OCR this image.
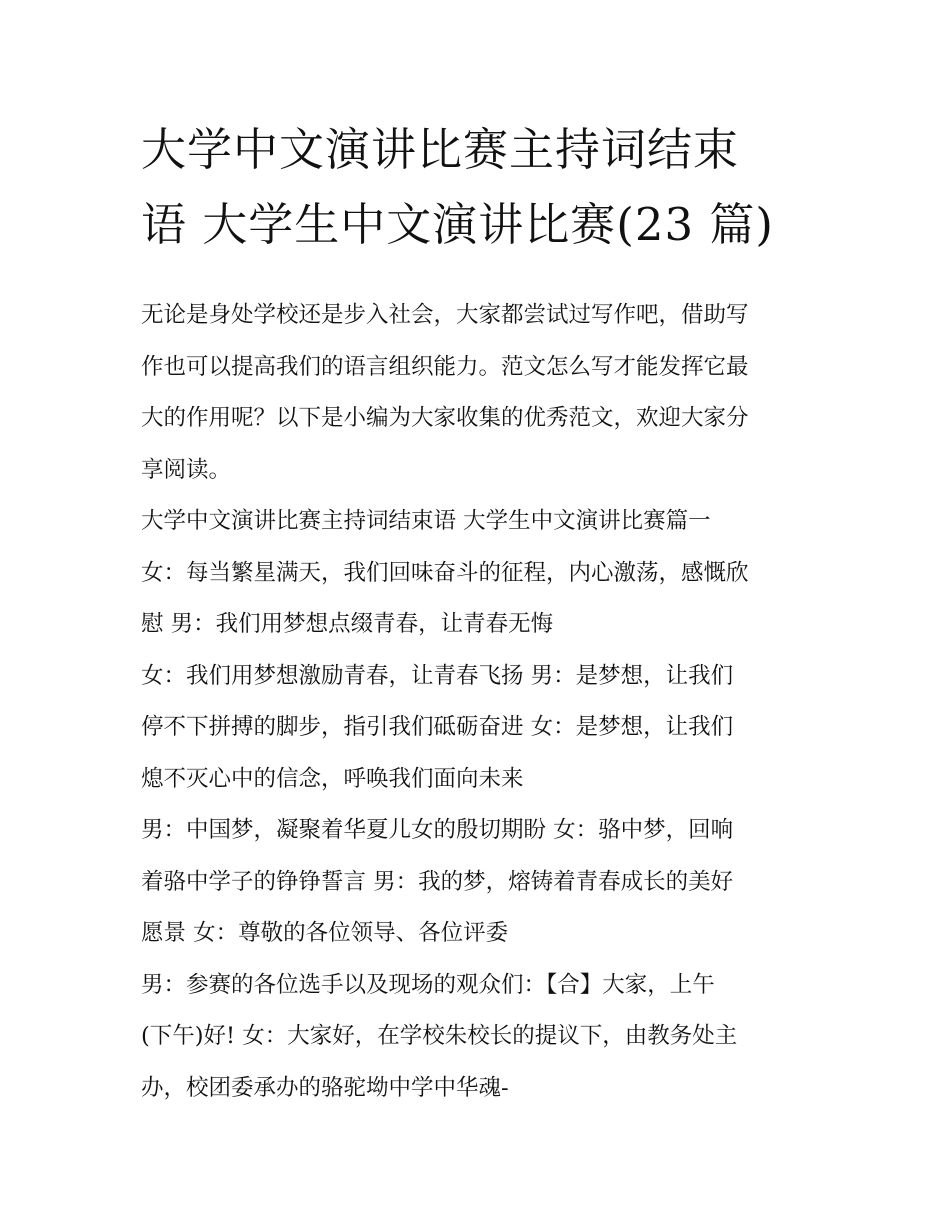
大学中文演讲比赛主持词结束
语 大学生中文演讲比赛(23 篇)

无论是身处学校还是步入社会，大家都尝试过写作吧，借助写

作也可以提高我们的语言组织能力。范文怎么写才能发挥它最

大的作用呢？以下是小编为大家收集的优秀范文，欢迎大家分

享阅读。

大学中文演讲比赛主持词结束语 大学生中文演讲比赛篇一

女：每当繁星满天，我们回味奋斗的征程，内心激荡，感慨欣

慰 男：我们用梦想点缀青春，让青春无悔

女：我们用梦想激励青春，让青春飞扬 男：是梦想，让我们

停不下拼搏的脚步，指引我们砥砺奋进 女：是梦想，让我们

熄不灭心中的信念，呼唤我们面向未来

男：中国梦，凝聚着华夏儿女的殷切期盼 女：骆中梦，回响

着骆中学子的铮铮誓言 男：我的梦，熔铸着青春成长的美好

愿景 女：尊敬的各位领导、各位评委

男：参赛的各位选手以及现场的观众们：【合】大家，上午

(下午)好! 女：大家好，在学校朱校长的提议下，由教务处主

办，校团委承办的骆驼坳中学中华魂-
